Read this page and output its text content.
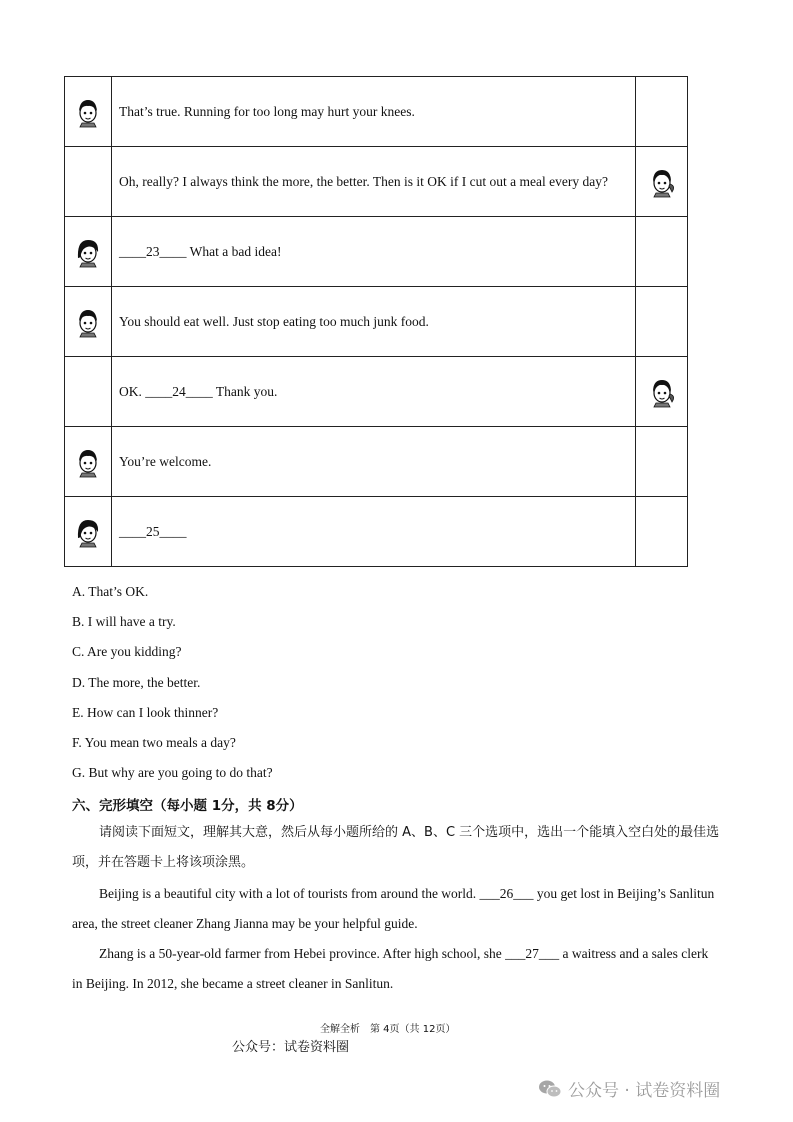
	That’s true. Running for too long may hurt your knees.	
	Oh, really? I always think the more, the better. Then is it OK if I cut out a meal every day?	

	____23____ What a bad idea!	

	You should eat well. Just stop eating too much junk food.	
	OK. ____24____ Thank you.	

	You’re welcome.	

	____25____	
A. That’s OK.
B. I will have a try.
C. Are you kidding?
D. The more, the better.
E. How can I look thinner?
F. You mean two meals a day?
G. But why are you going to do that?
六、完形填空（每小题 1分，共 8分）
请阅读下面短文，理解其大意，然后从每小题所给的 A、B、C 三个选项中，选出一个能填入空白处的最佳选项，并在答题卡上将该项涂黑。
Beijing is a beautiful city with a lot of tourists from around the world. ___26___ you get lost in Beijing’s Sanlitun area, the street cleaner Zhang Jianna may be your helpful guide.
Zhang is a 50-year-old farmer from Hebei province. After high school, she ___27___ a waitress and a sales clerk in Beijing. In 2012, she became a street cleaner in Sanlitun.
全解全析　第 4页（共 12页）
公众号：试卷资料圈
公众号 · 试卷资料圈
